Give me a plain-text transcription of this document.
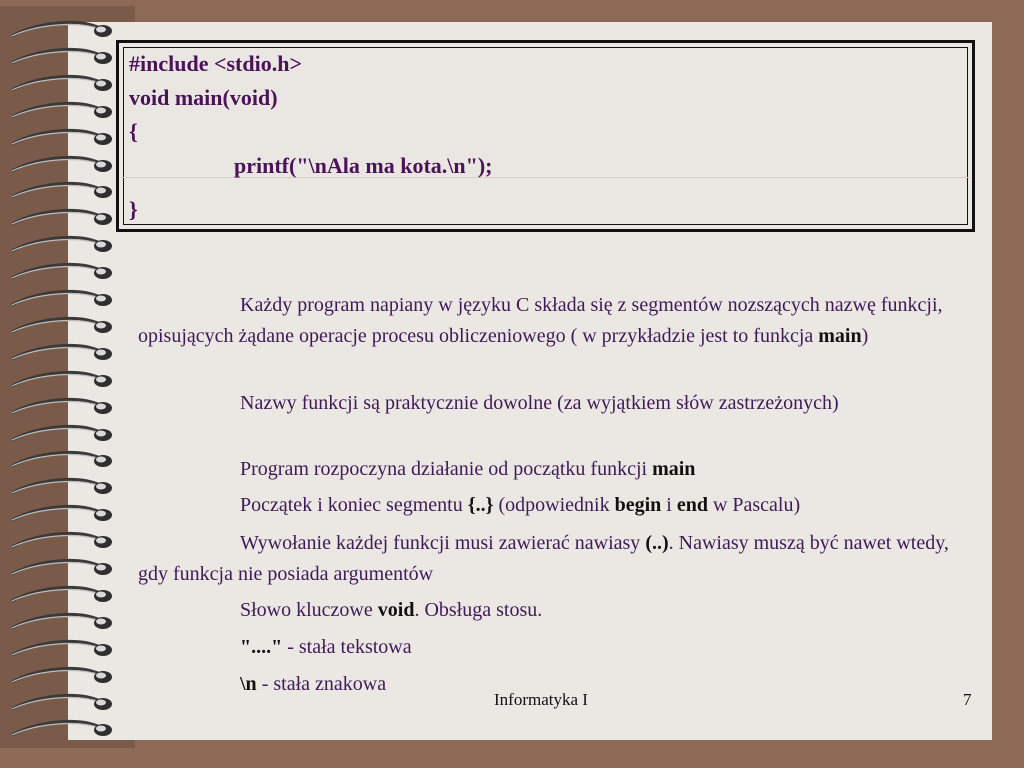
#include <stdio.h>
void main(void)
{
printf("\nAla ma kota.\n");
}
Każdy program napiany w języku C składa się z segmentów nozszących nazwę funkcji, opisujących żądane operacje procesu obliczeniowego ( w przykładzie jest to funkcja main)
Nazwy funkcji są praktycznie dowolne (za wyjątkiem słów zastrzeżonych)
Program rozpoczyna działanie od początku funkcji main
Początek i koniec segmentu {..} (odpowiednik begin i end w Pascalu)
Wywołanie każdej funkcji musi zawierać nawiasy (..). Nawiasy muszą być nawet wtedy, gdy funkcja nie posiada argumentów
Słowo kluczowe void. Obsługa stosu.
"...." - stała tekstowa
\n - stała znakowa
Informatyka I	7
